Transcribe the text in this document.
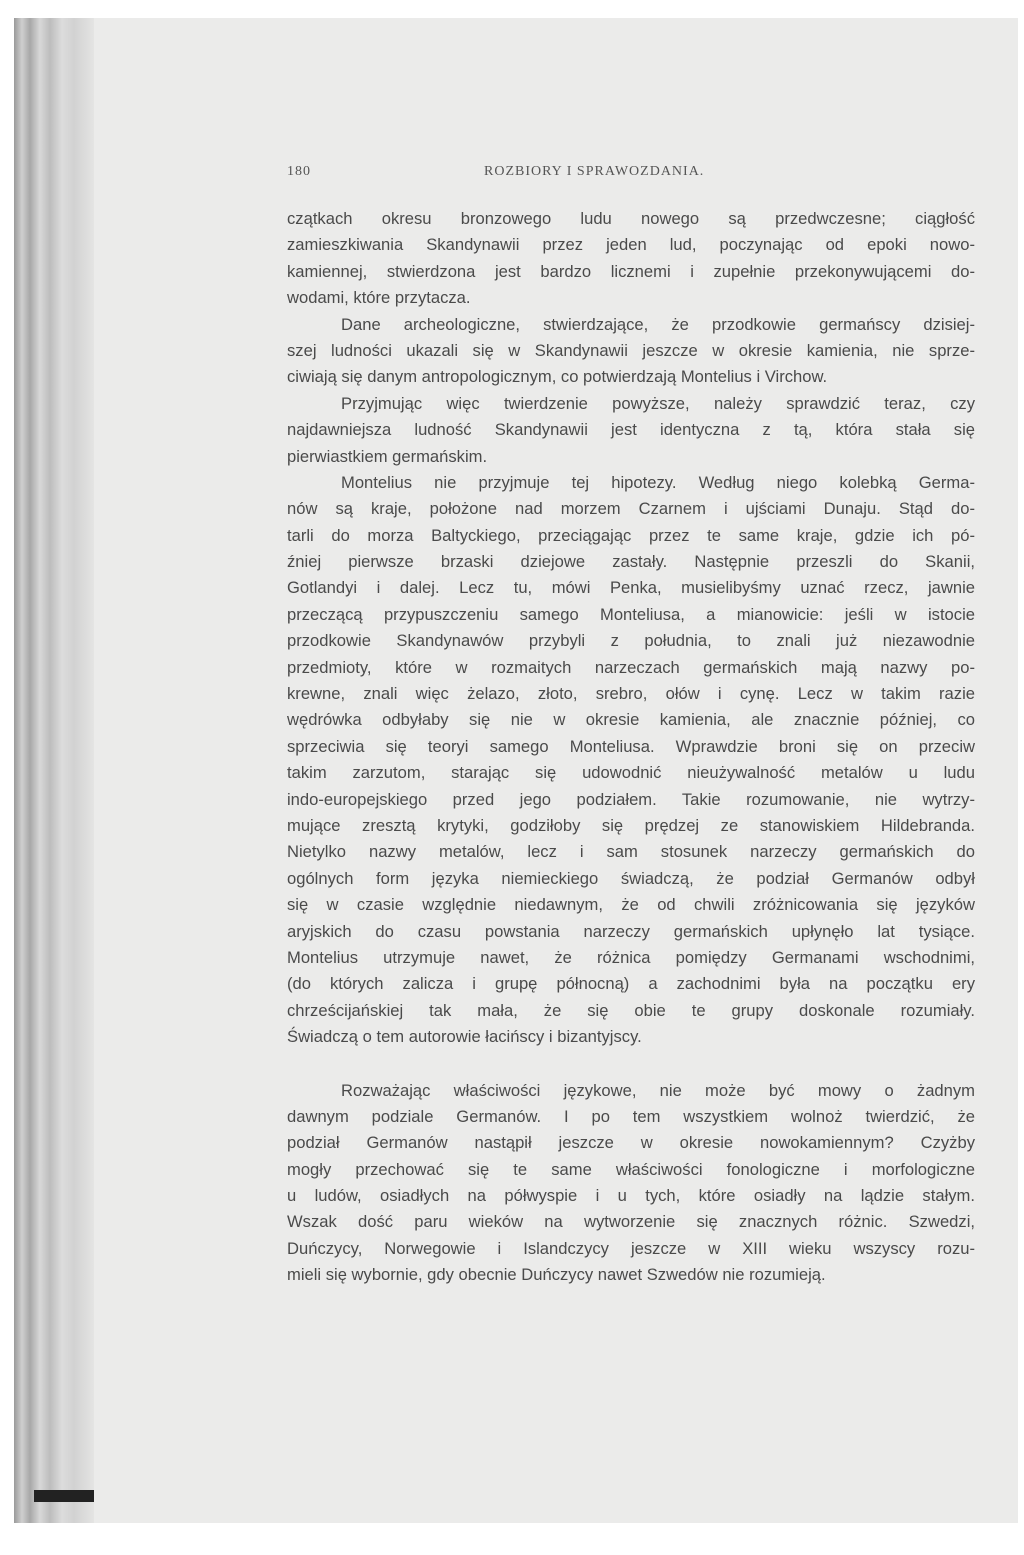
180	ROZBIORY I SPRAWOZDANIA.
czątkach okresu bronzowego ludu nowego są przedwczesne; ciągłość
zamieszkiwania Skandynawii przez jeden lud, poczynając od epoki nowo-
kamiennej, stwierdzona jest bardzo licznemi i zupełnie przekonywującemi do-
wodami, które przytacza.
Dane archeologiczne, stwierdzające, że przodkowie germańscy dzisiej-
szej ludności ukazali się w Skandynawii jeszcze w okresie kamienia, nie sprze-
ciwiają się danym antropologicznym, co potwierdzają Montelius i Virchow.
Przyjmując więc twierdzenie powyższe, należy sprawdzić teraz, czy
najdawniejsza ludność Skandynawii jest identyczna z tą, która stała się
pierwiastkiem germańskim.
Montelius nie przyjmuje tej hipotezy. Według niego kolebką Germa-
nów są kraje, położone nad morzem Czarnem i ujściami Dunaju. Stąd do-
tarli do morza Baltyckiego, przeciągając przez te same kraje, gdzie ich pó-
źniej pierwsze brzaski dziejowe zastały. Następnie przeszli do Skanii,
Gotlandyi i dalej. Lecz tu, mówi Penka, musielibyśmy uznać rzecz, jawnie
przeczącą przypuszczeniu samego Monteliusa, a mianowicie: jeśli w istocie
przodkowie Skandynawów przybyli z południa, to znali już niezawodnie
przedmioty, które w rozmaitych narzeczach germańskich mają nazwy po-
krewne, znali więc żelazo, złoto, srebro, ołów i cynę. Lecz w takim razie
wędrówka odbyłaby się nie w okresie kamienia, ale znacznie później, co
sprzeciwia się teoryi samego Monteliusa. Wprawdzie broni się on przeciw
takim zarzutom, starając się udowodnić nieużywalność metalów u ludu
indo-europejskiego przed jego podziałem. Takie rozumowanie, nie wytrzy-
mujące zresztą krytyki, godziłoby się prędzej ze stanowiskiem Hildebranda.
Nietylko nazwy metalów, lecz i sam stosunek narzeczy germańskich do
ogólnych form języka niemieckiego świadczą, że podział Germanów odbył
się w czasie względnie niedawnym, że od chwili zróżnicowania się języków
aryjskich do czasu powstania narzeczy germańskich upłynęło lat tysiące.
Montelius utrzymuje nawet, że różnica pomiędzy Germanami wschodnimi,
(do których zalicza i grupę północną) a zachodnimi była na początku ery
chrześcijańskiej tak mała, że się obie te grupy doskonale rozumiały.
Świadczą o tem autorowie łacińscy i bizantyjscy.
Rozważając właściwości językowe, nie może być mowy o żadnym
dawnym podziale Germanów. I po tem wszystkiem wolnoż twierdzić, że
podział Germanów nastąpił jeszcze w okresie nowokamiennym? Czyżby
mogły przechować się te same właściwości fonologiczne i morfologiczne
u ludów, osiadłych na półwyspie i u tych, które osiadły na lądzie stałym.
Wszak dość paru wieków na wytworzenie się znacznych różnic. Szwedzi,
Duńczycy, Norwegowie i Islandczycy jeszcze w XIII wieku wszyscy rozu-
mieli się wybornie, gdy obecnie Duńczycy nawet Szwedów nie rozumieją.
